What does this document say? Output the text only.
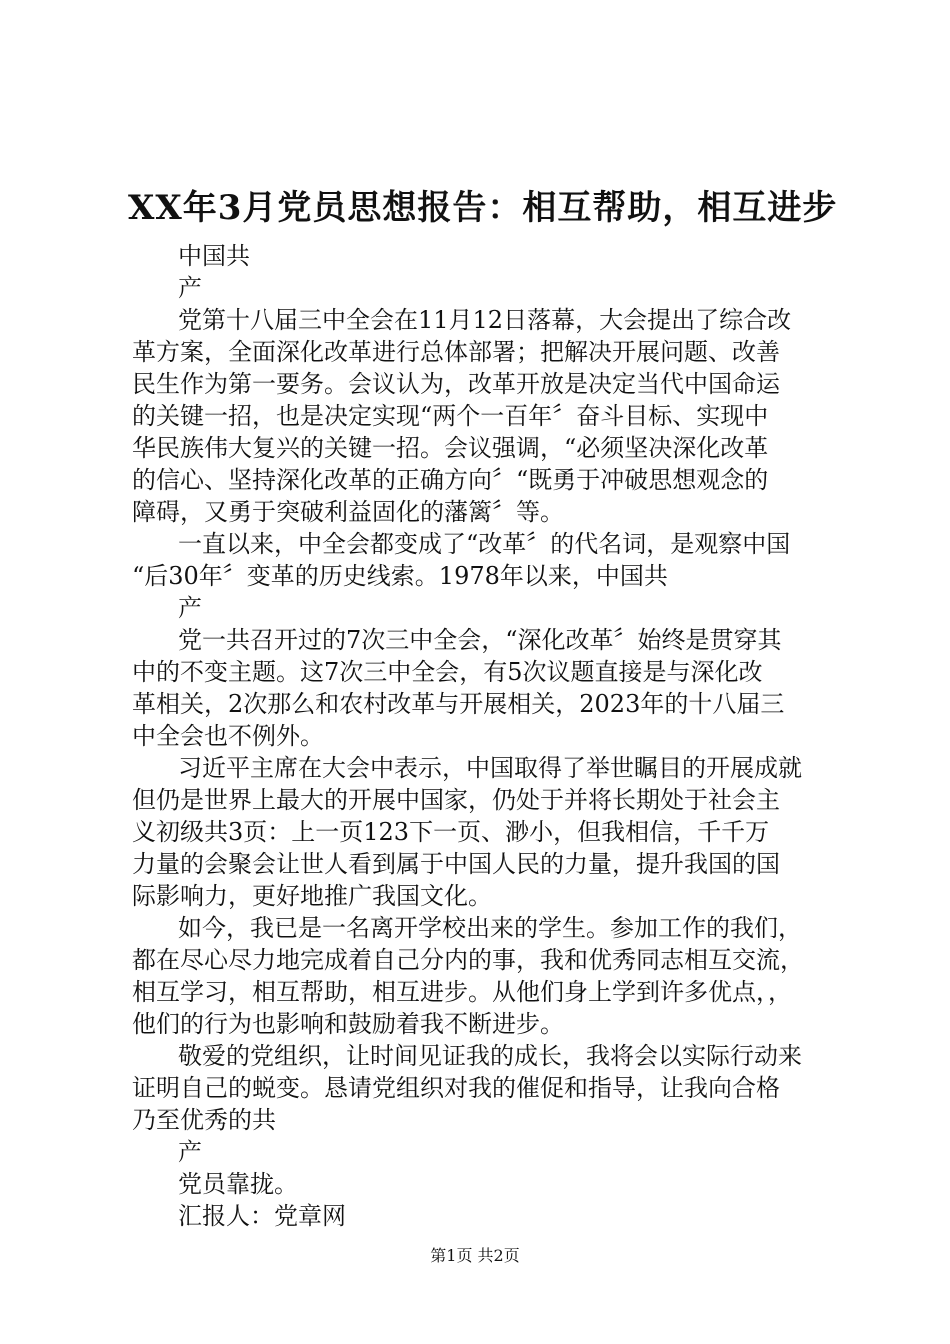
XX年3月党员思想报告：相互帮助，相互进步
中国共
产
党第十八届三中全会在11月12日落幕，大会提出了综合改
革方案，全面深化改革进行总体部署；把解决开展问题、改善
民生作为第一要务。会议认为，改革开放是决定当代中国命运
的关键一招，也是决定实现“两个一百年〞奋斗目标、实现中
华民族伟大复兴的关键一招。会议强调，“必须坚决深化改革
的信心、坚持深化改革的正确方向〞“既勇于冲破思想观念的
障碍，又勇于突破利益固化的藩篱〞等。
一直以来，中全会都变成了“改革〞的代名词，是观察中国
“后30年〞变革的历史线索。1978年以来，中国共
产
党一共召开过的7次三中全会，“深化改革〞始终是贯穿其
中的不变主题。这7次三中全会，有5次议题直接是与深化改
革相关，2次那么和农村改革与开展相关，2023年的十八届三
中全会也不例外。
习近平主席在大会中表示，中国取得了举世瞩目的开展成就
但仍是世界上最大的开展中国家，仍处于并将长期处于社会主
义初级共3页：上一页123下一页、渺小，但我相信，千千万
力量的会聚会让世人看到属于中国人民的力量，提升我国的国
际影响力，更好地推广我国文化。
如今，我已是一名离开学校出来的学生。参加工作的我们，
都在尽心尽力地完成着自己分内的事，我和优秀同志相互交流，
相互学习，相互帮助，相互进步。从他们身上学到许多优点，，
他们的行为也影响和鼓励着我不断进步。
敬爱的党组织，让时间见证我的成长，我将会以实际行动来
证明自己的蜕变。恳请党组织对我的催促和指导，让我向合格
乃至优秀的共
产
党员靠拢。
汇报人：党章网
第1页 共2页
